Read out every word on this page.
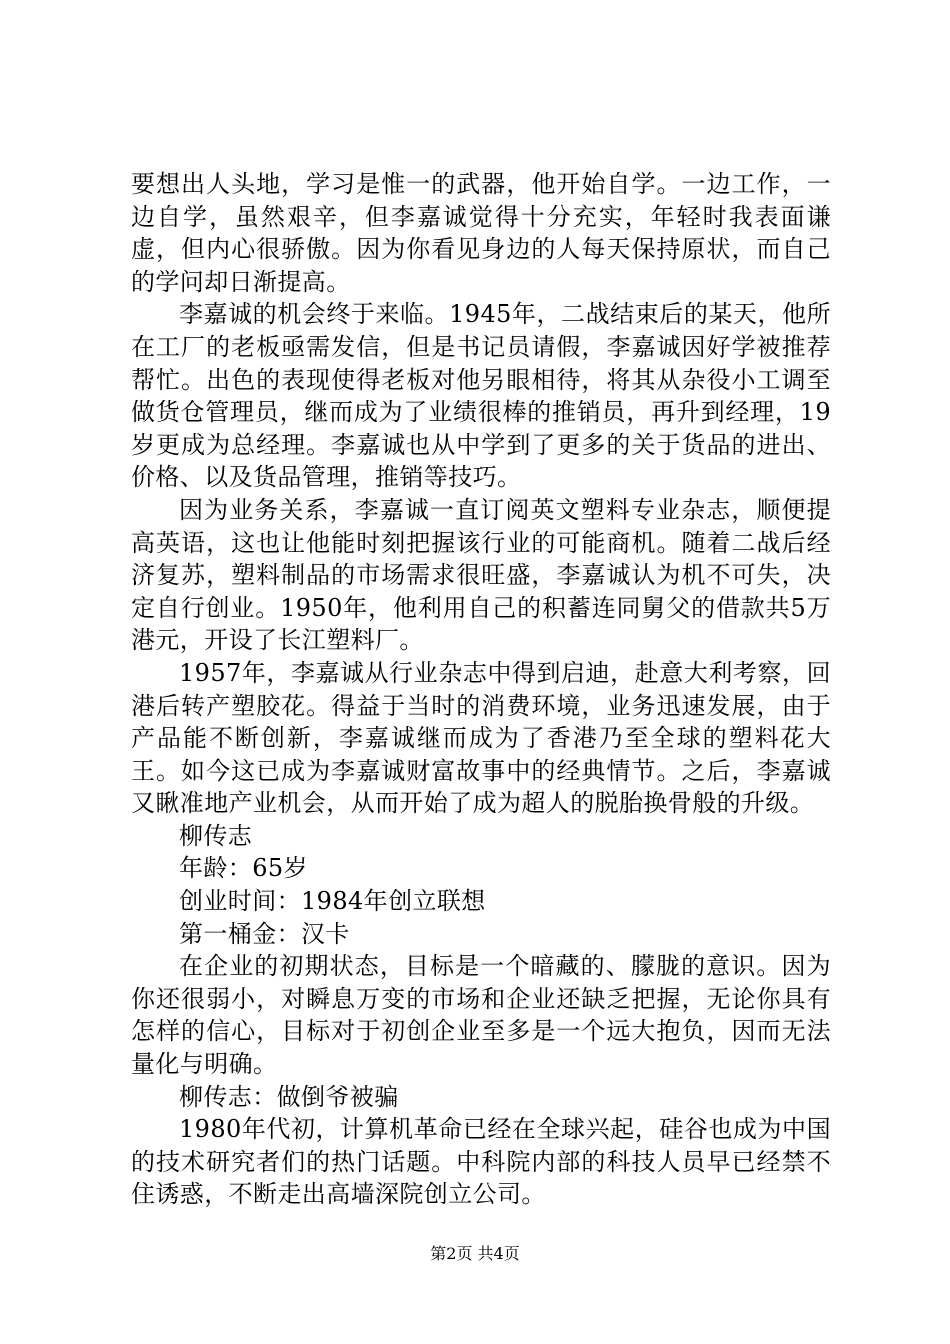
要想出人头地，学习是惟一的武器，他开始自学。一边工作，一边自学，虽然艰辛，但李嘉诚觉得十分充实，年轻时我表面谦虚，但内心很骄傲。因为你看见身边的人每天保持原状，而自己的学问却日渐提高。

李嘉诚的机会终于来临。1945年，二战结束后的某天，他所在工厂的老板亟需发信，但是书记员请假，李嘉诚因好学被推荐帮忙。出色的表现使得老板对他另眼相待，将其从杂役小工调至做货仓管理员，继而成为了业绩很棒的推销员，再升到经理，19岁更成为总经理。李嘉诚也从中学到了更多的关于货品的进出、价格、以及货品管理，推销等技巧。

因为业务关系，李嘉诚一直订阅英文塑料专业杂志，顺便提高英语，这也让他能时刻把握该行业的可能商机。随着二战后经济复苏，塑料制品的市场需求很旺盛，李嘉诚认为机不可失，决定自行创业。1950年，他利用自己的积蓄连同舅父的借款共5万港元，开设了长江塑料厂。

1957年，李嘉诚从行业杂志中得到启迪，赴意大利考察，回港后转产塑胶花。得益于当时的消费环境，业务迅速发展，由于产品能不断创新，李嘉诚继而成为了香港乃至全球的塑料花大王。如今这已成为李嘉诚财富故事中的经典情节。之后，李嘉诚又瞅准地产业机会，从而开始了成为超人的脱胎换骨般的升级。

柳传志

年龄：65岁

创业时间：1984年创立联想

第一桶金：汉卡

在企业的初期状态，目标是一个暗藏的、朦胧的意识。因为你还很弱小，对瞬息万变的市场和企业还缺乏把握，无论你具有怎样的信心，目标对于初创企业至多是一个远大抱负，因而无法量化与明确。

柳传志：做倒爷被骗

1980年代初，计算机革命已经在全球兴起，硅谷也成为中国的技术研究者们的热门话题。中科院内部的科技人员早已经禁不住诱惑，不断走出高墙深院创立公司。

第2页 共4页
